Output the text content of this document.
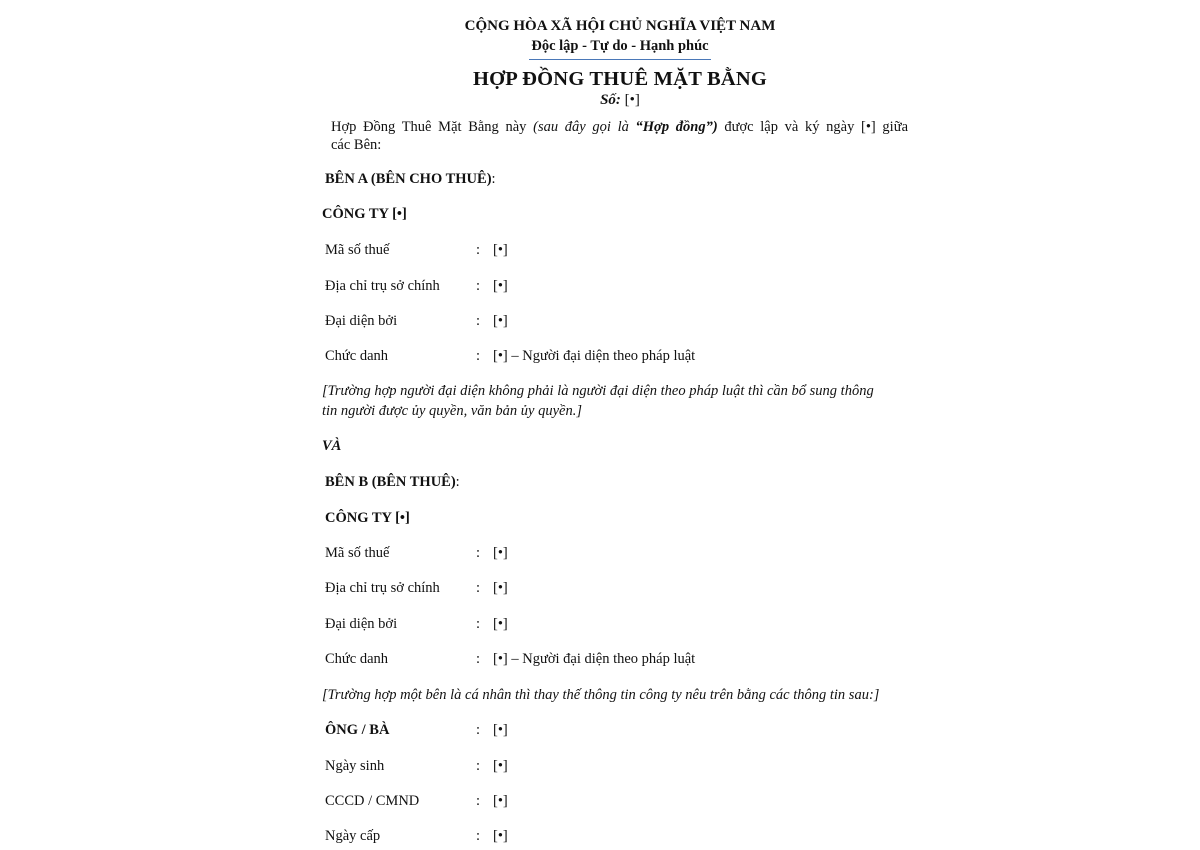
CỘNG HÒA XÃ HỘI CHỦ NGHĨA VIỆT NAM
Độc lập - Tự do - Hạnh phúc
HỢP ĐỒNG THUÊ MẶT BẰNG
Số: [•]
Hợp Đồng Thuê Mặt Bằng này (sau đây gọi là “Hợp đồng”) được lập và ký ngày [•] giữa
các Bên:
BÊN A (BÊN CHO THUÊ):
CÔNG TY [•]
Mã số thuế	: [•]
Địa chỉ trụ sở chính : [•]
Đại diện bởi	: [•]
Chức danh	: [•] – Người đại diện theo pháp luật
[Trường hợp người đại diện không phải là người đại diện theo pháp luật thì cần bổ sung thông
tin người được ủy quyền, văn bản ủy quyền.]
VÀ
BÊN B (BÊN THUÊ):
CÔNG TY [•]
Mã số thuế	: [•]
Địa chỉ trụ sở chính : [•]
Đại diện bởi	: [•]
Chức danh	: [•] – Người đại diện theo pháp luật
[Trường hợp một bên là cá nhân thì thay thế thông tin công ty nêu trên bằng các thông tin sau:]
ÔNG / BÀ	: [•]
Ngày sinh	: [•]
CCCD / CMND	: [•]
Ngày cấp	: [•]
